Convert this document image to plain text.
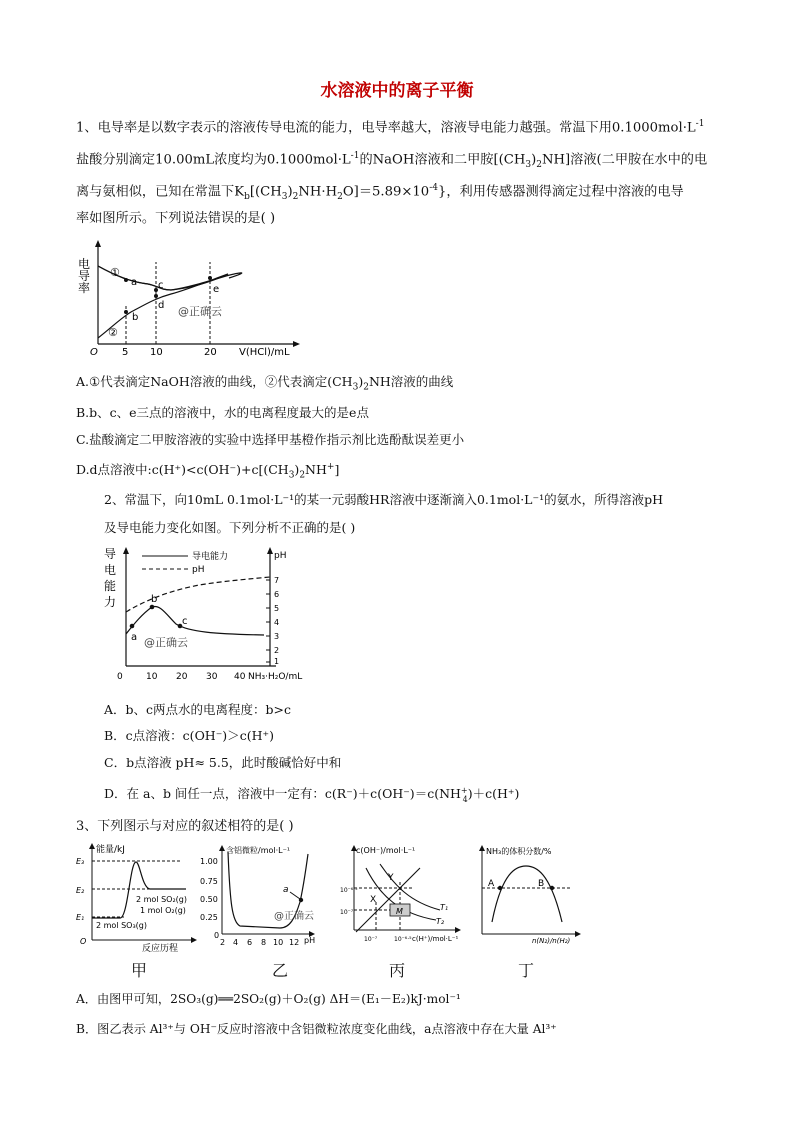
水溶液中的离子平衡
1、电导率是以数字表示的溶液传导电流的能力，电导率越大，溶液导电能力越强。常温下用$0.1000mol\cdot L^{-1}$
盐酸分别滴定10.00mL浓度均为$0.1000mol\cdot L^{-1}$的NaOH溶液和二甲胺$[(CH_3)_2NH]$溶液(二甲胺在水中的电
离与氨相似，已知在常温下$K_b[(CH_3)_2NH\cdot H_2O]=5.89\times 10^{-4}$}，利用传感器测得滴定过程中溶液的电导
率如图所示。下列说法错误的是( )
电
导
率
①
②
a
b
c
d
e
@正确云
O 5 10	20 V(HCl)/mL
A.①代表滴定NaOH溶液的曲线，②代表滴定$(CH_3)_2NH$溶液的曲线
B.b、c、e三点的溶液中，水的电离程度最大的是e点
C.盐酸滴定二甲胺溶液的实验中选择甲基橙作指示剂比选酚酞误差更小
D.d点溶液中$:c(H^+)<c(OH^-)+c[(CH_3)_2NH^+]$
2、常温下，向10mL 0.1mol·L⁻¹的某一元弱酸HR溶液中逐渐滴入0.1mol·L⁻¹的氨水，所得溶液pH
及导电能力变化如图。下列分析不正确的是( )
导
电
能
力
导电能力
pH
pH
a
b
c
@正确云
7
6
5
4
3
2
1
0	10 20 30 40 NH₃·H₂O/mL
A．b、c两点水的电离程度：b>c
B．c点溶液：c(OH⁻)＞c(H⁺)
C．b点溶液 pH≈ 5.5，此时酸碱恰好中和
D．在 a、b 间任一点，溶液中一定有：$c(R^-)+c(OH^-)=c(NH^+_4)+c(H^+)$
3、下列图示与对应的叙述相符的是( )
能量/kJ
E₃
E₂
E₁
O
2 mol SO₂(g)
1 mol O₂(g)
2 mol SO₃(g)
反应历程
含铝微粒/mol·L⁻¹
1.00
0.75
0.50
0.25
0
a
@正确云
2 4 6 8 10 12 pH
c(OH⁻)/mol·L⁻¹
10⁻⁶·⁵
10⁻⁷	M
X
Y
T₁
T₂
10⁻⁷	10⁻⁶·⁵ c(H⁺)/mol·L⁻¹
NH₃的体积分数/%
A	B
n(N₂)/n(H₂)
甲	乙	丙	丁
A．由图甲可知，2SO₃(g)══2SO₂(g)＋O₂(g) ΔH＝(E₁－E₂)kJ·mol⁻¹
B．图乙表示 Al³⁺与 OH⁻反应时溶液中含铝微粒浓度变化曲线，a点溶液中存在大量 Al³⁺
